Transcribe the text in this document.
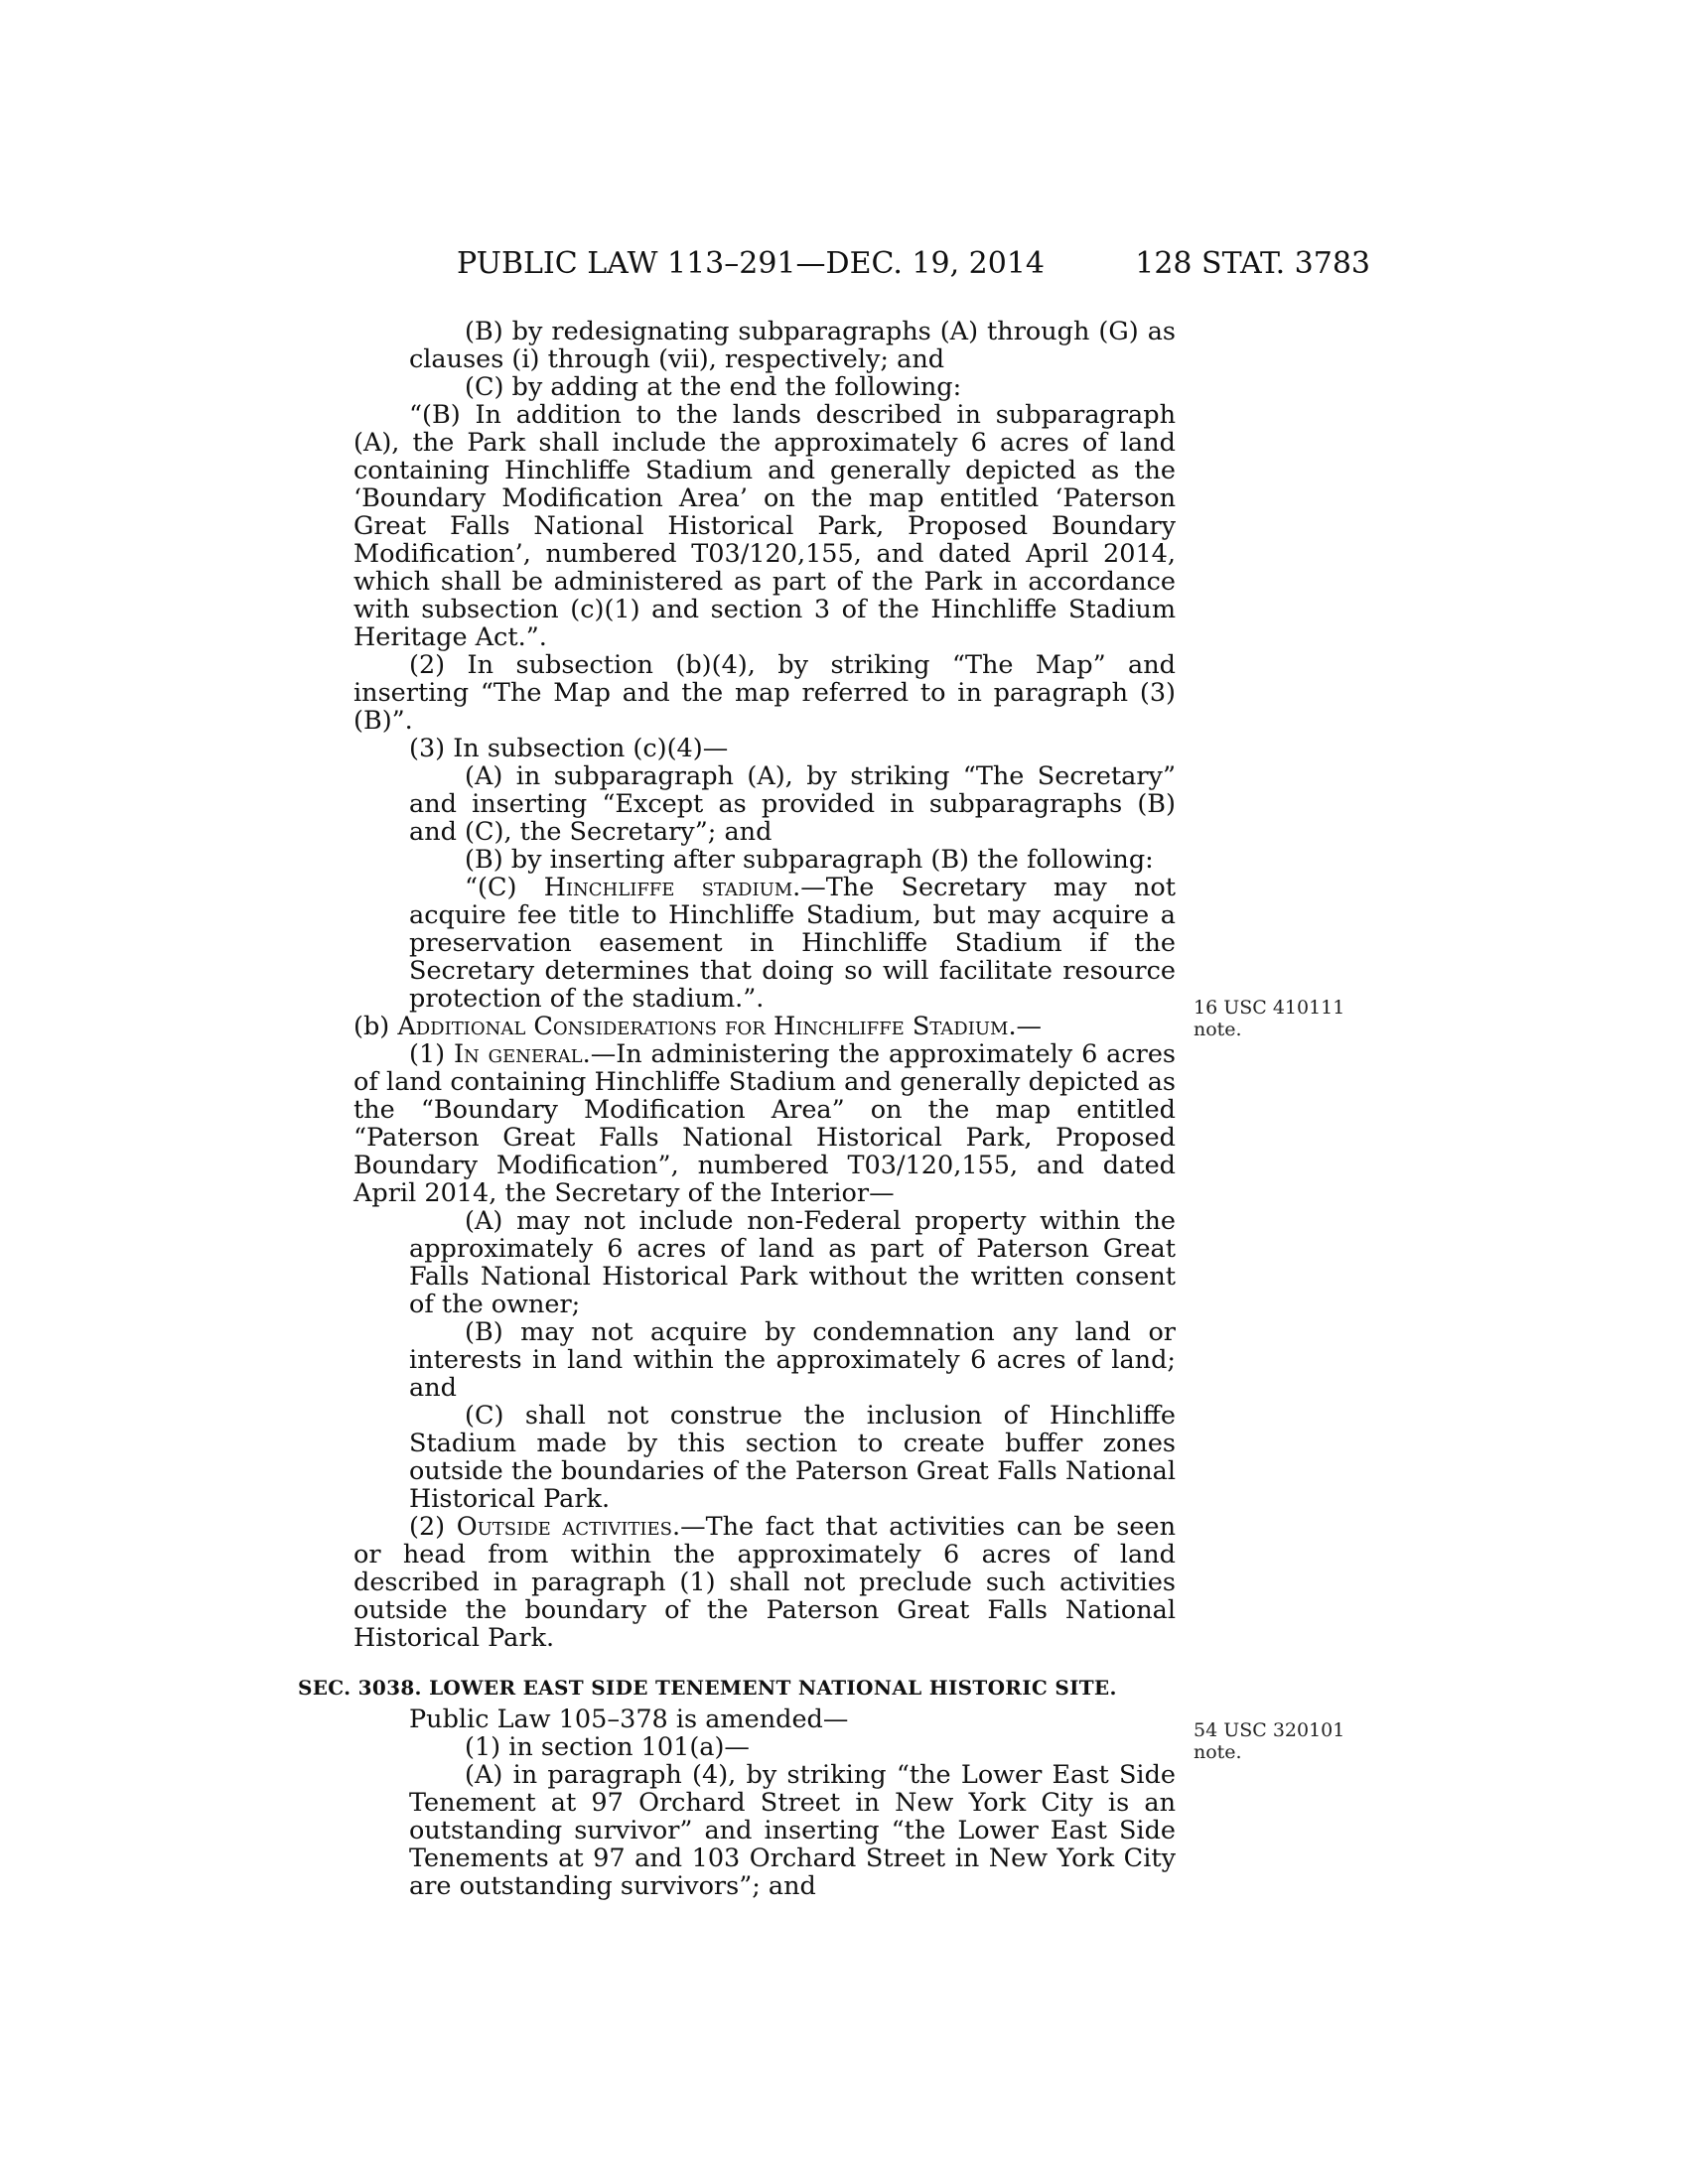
PUBLIC LAW 113–291—DEC. 19, 2014	128 STAT. 3783

(B) by redesignating subparagraphs (A) through (G) as clauses (i) through (vii), respectively; and

(C) by adding at the end the following:

“(B) In addition to the lands described in subparagraph (A), the Park shall include the approximately 6 acres of land containing Hinchliffe Stadium and generally depicted as the ‘Boundary Modification Area’ on the map entitled ‘Paterson Great Falls National Historical Park, Proposed Boundary Modification’, numbered T03/120,155, and dated April 2014, which shall be administered as part of the Park in accordance with subsection (c)(1) and section 3 of the Hinchliffe Stadium Heritage Act.”.

(2) In subsection (b)(4), by striking “The Map” and inserting “The Map and the map referred to in paragraph (3)(B)”.

(3) In subsection (c)(4)—

(A) in subparagraph (A), by striking “The Secretary” and inserting “Except as provided in subparagraphs (B) and (C), the Secretary”; and

(B) by inserting after subparagraph (B) the following:

“(C) Hinchliffe stadium.—The Secretary may not acquire fee title to Hinchliffe Stadium, but may acquire a preservation easement in Hinchliffe Stadium if the Secretary determines that doing so will facilitate resource protection of the stadium.”.

(b) Additional Considerations for Hinchliffe Stadium.—

(1) In general.—In administering the approximately 6 acres of land containing Hinchliffe Stadium and generally depicted as the “Boundary Modification Area” on the map entitled “Paterson Great Falls National Historical Park, Proposed Boundary Modification”, numbered T03/120,155, and dated April 2014, the Secretary of the Interior—

(A) may not include non-Federal property within the approximately 6 acres of land as part of Paterson Great Falls National Historical Park without the written consent of the owner;

(B) may not acquire by condemnation any land or interests in land within the approximately 6 acres of land; and

(C) shall not construe the inclusion of Hinchliffe Stadium made by this section to create buffer zones outside the boundaries of the Paterson Great Falls National Historical Park.

(2) Outside activities.—The fact that activities can be seen or head from within the approximately 6 acres of land described in paragraph (1) shall not preclude such activities outside the boundary of the Paterson Great Falls National Historical Park.

SEC. 3038. LOWER EAST SIDE TENEMENT NATIONAL HISTORIC SITE.

Public Law 105–378 is amended—

(1) in section 101(a)—

(A) in paragraph (4), by striking “the Lower East Side Tenement at 97 Orchard Street in New York City is an outstanding survivor” and inserting “the Lower East Side Tenements at 97 and 103 Orchard Street in New York City are outstanding survivors”; and

16 USC 410111
note.
54 USC 320101
note.
